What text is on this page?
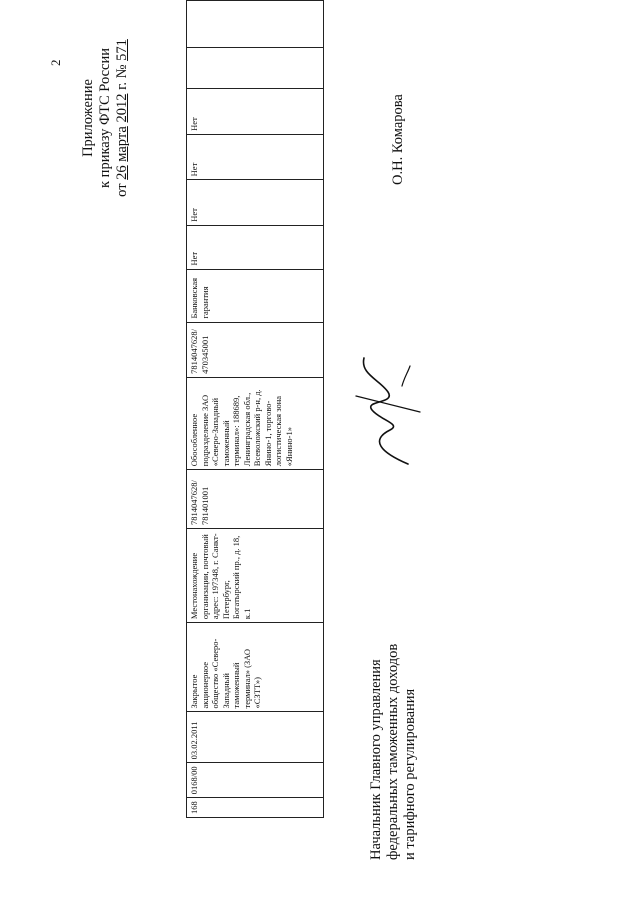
2
Приложение к приказу ФТС России
от 26 марта 2012 г. № 571
168	0168/00	03.02.2011	Закрытое акционерное общество «Северо-Западный таможенный терминал» (ЗАО «СЗТТ»)	Местонахождение организации, почтовый адрес: 197348, г. Санкт-Петербург, Богатырский пр., д. 18, к.1	7814047628/ 781401001	Обособленное подразделение ЗАО «Северо-Западный таможенный терминал»: 188689, Ленинградская обл., Всеволожский р-н, д. Янино-1, торгово-логистическая зона «Янино-1»	7814047628/ 470345001	Банковская гарантия	Нет	Нет	Нет	Нет		
Начальник Главного управления федеральных таможенных доходов и тарифного регулирования
О.Н. Комарова
